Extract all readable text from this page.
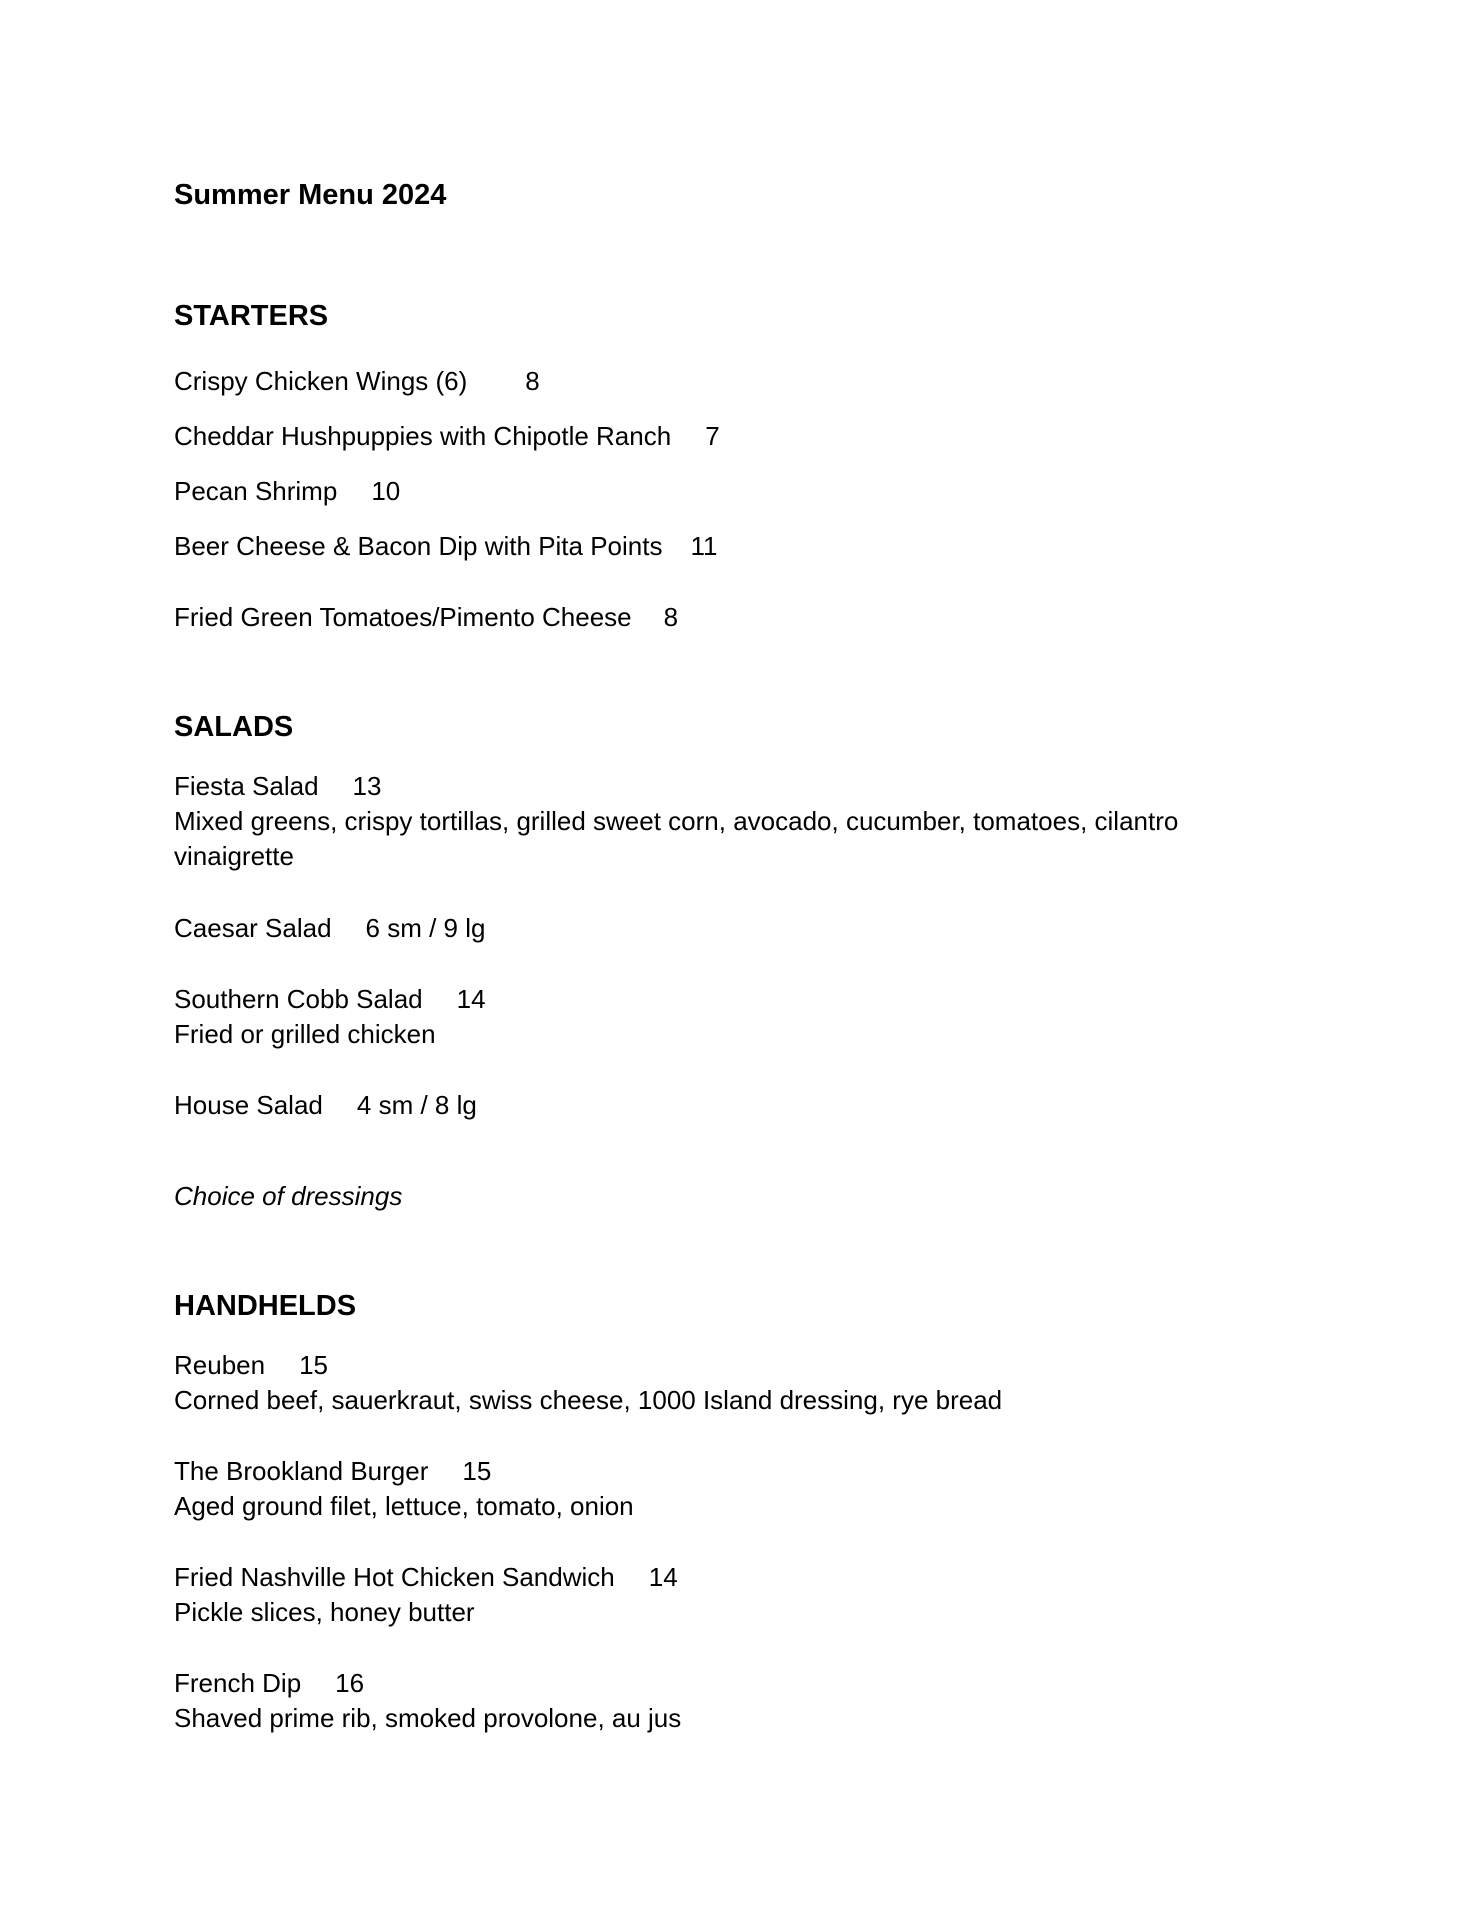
Summer Menu 2024
STARTERS
Crispy Chicken Wings (6) 8
Cheddar Hushpuppies with Chipotle Ranch 7
Pecan Shrimp 10
Beer Cheese & Bacon Dip with Pita Points 11
Fried Green Tomatoes/Pimento Cheese 8
SALADS
Fiesta Salad 13
Mixed greens, crispy tortillas, grilled sweet corn, avocado, cucumber, tomatoes, cilantro
vinaigrette
Caesar Salad 6 sm / 9 lg
Southern Cobb Salad 14
Fried or grilled chicken
House Salad 4 sm / 8 lg
Choice of dressings
HANDHELDS
Reuben 15
Corned beef, sauerkraut, swiss cheese, 1000 Island dressing, rye bread
The Brookland Burger 15
Aged ground filet, lettuce, tomato, onion
Fried Nashville Hot Chicken Sandwich 14
Pickle slices, honey butter
French Dip 16
Shaved prime rib, smoked provolone, au jus
